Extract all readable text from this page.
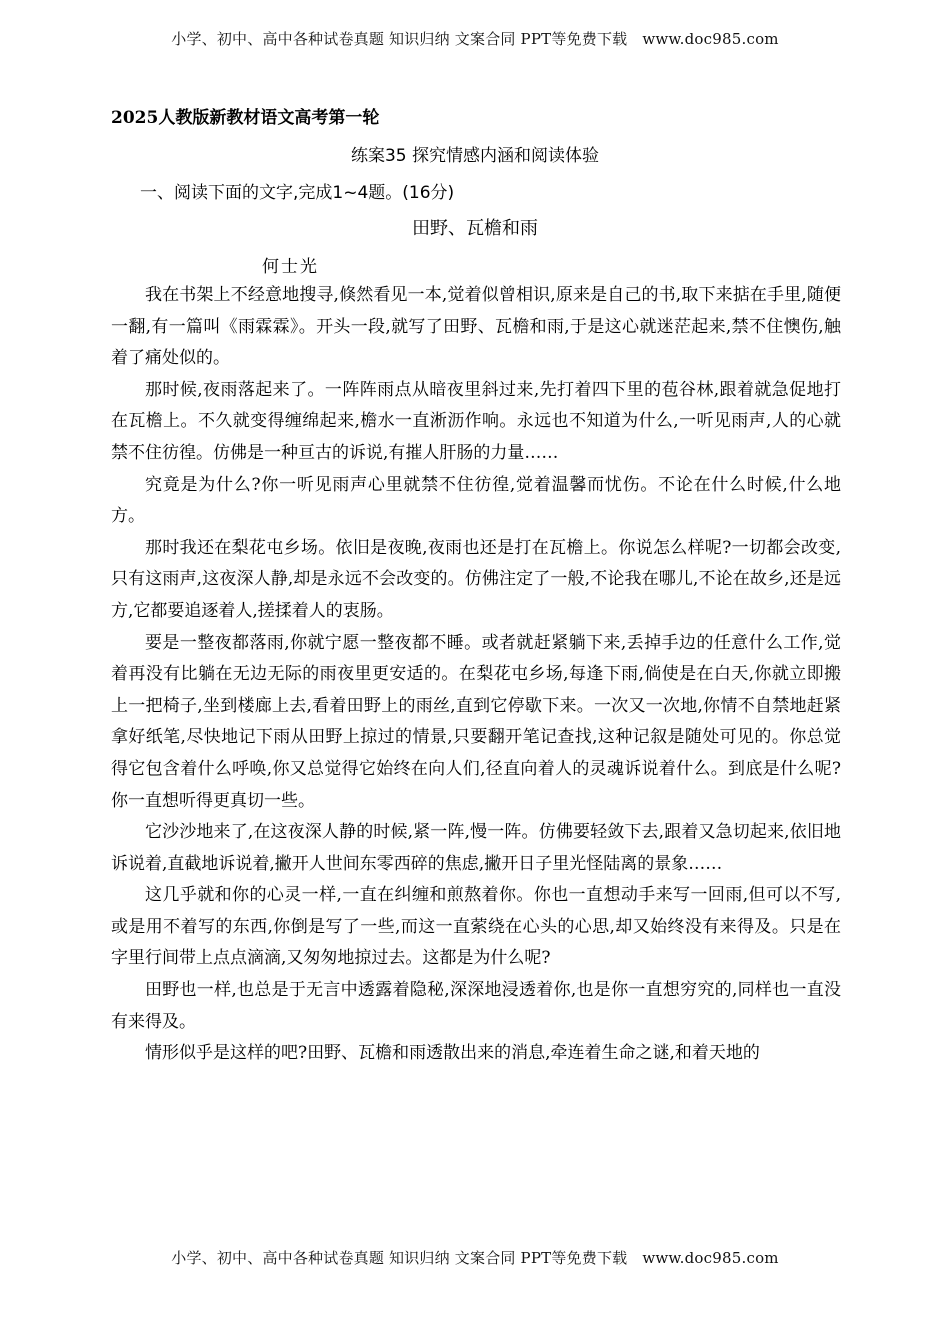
小学、初中、高中各种试卷真题 知识归纳 文案合同 PPT等免费下载 www.doc985.com
2025人教版新教材语文高考第一轮
练案35 探究情感内涵和阅读体验
一、阅读下面的文字,完成1~4题。(16分)
田野、瓦檐和雨
何士光

我在书架上不经意地搜寻,倏然看见一本,觉着似曾相识,原来是自己的书,取下来掂在手里,随便一翻,有一篇叫《雨霖霖》。开头一段,就写了田野、瓦檐和雨,于是这心就迷茫起来,禁不住懊伤,触着了痛处似的。

那时候,夜雨落起来了。一阵阵雨点从暗夜里斜过来,先打着四下里的苞谷林,跟着就急促地打在瓦檐上。不久就变得缠绵起来,檐水一直淅沥作响。永远也不知道为什么,一听见雨声,人的心就禁不住彷徨。仿佛是一种亘古的诉说,有摧人肝肠的力量……

究竟是为什么?你一听见雨声心里就禁不住彷徨,觉着温馨而忧伤。不论在什么时候,什么地方。

那时我还在梨花屯乡场。依旧是夜晚,夜雨也还是打在瓦檐上。你说怎么样呢?一切都会改变,只有这雨声,这夜深人静,却是永远不会改变的。仿佛注定了一般,不论我在哪儿,不论在故乡,还是远方,它都要追逐着人,搓揉着人的衷肠。

要是一整夜都落雨,你就宁愿一整夜都不睡。或者就赶紧躺下来,丢掉手边的任意什么工作,觉着再没有比躺在无边无际的雨夜里更安适的。在梨花屯乡场,每逢下雨,倘使是在白天,你就立即搬上一把椅子,坐到楼廊上去,看着田野上的雨丝,直到它停歇下来。一次又一次地,你情不自禁地赶紧拿好纸笔,尽快地记下雨从田野上掠过的情景,只要翻开笔记查找,这种记叙是随处可见的。你总觉得它包含着什么呼唤,你又总觉得它始终在向人们,径直向着人的灵魂诉说着什么。到底是什么呢?你一直想听得更真切一些。

它沙沙地来了,在这夜深人静的时候,紧一阵,慢一阵。仿佛要轻敛下去,跟着又急切起来,依旧地诉说着,直截地诉说着,撇开人世间东零西碎的焦虑,撇开日子里光怪陆离的景象……

这几乎就和你的心灵一样,一直在纠缠和煎熬着你。你也一直想动手来写一回雨,但可以不写,或是用不着写的东西,你倒是写了一些,而这一直萦绕在心头的心思,却又始终没有来得及。只是在字里行间带上点点滴滴,又匆匆地掠过去。这都是为什么呢?

田野也一样,也总是于无言中透露着隐秘,深深地浸透着你,也是你一直想穷究的,同样也一直没有来得及。

情形似乎是这样的吧?田野、瓦檐和雨透散出来的消息,牵连着生命之谜,和着天地的

小学、初中、高中各种试卷真题 知识归纳 文案合同 PPT等免费下载 www.doc985.com
